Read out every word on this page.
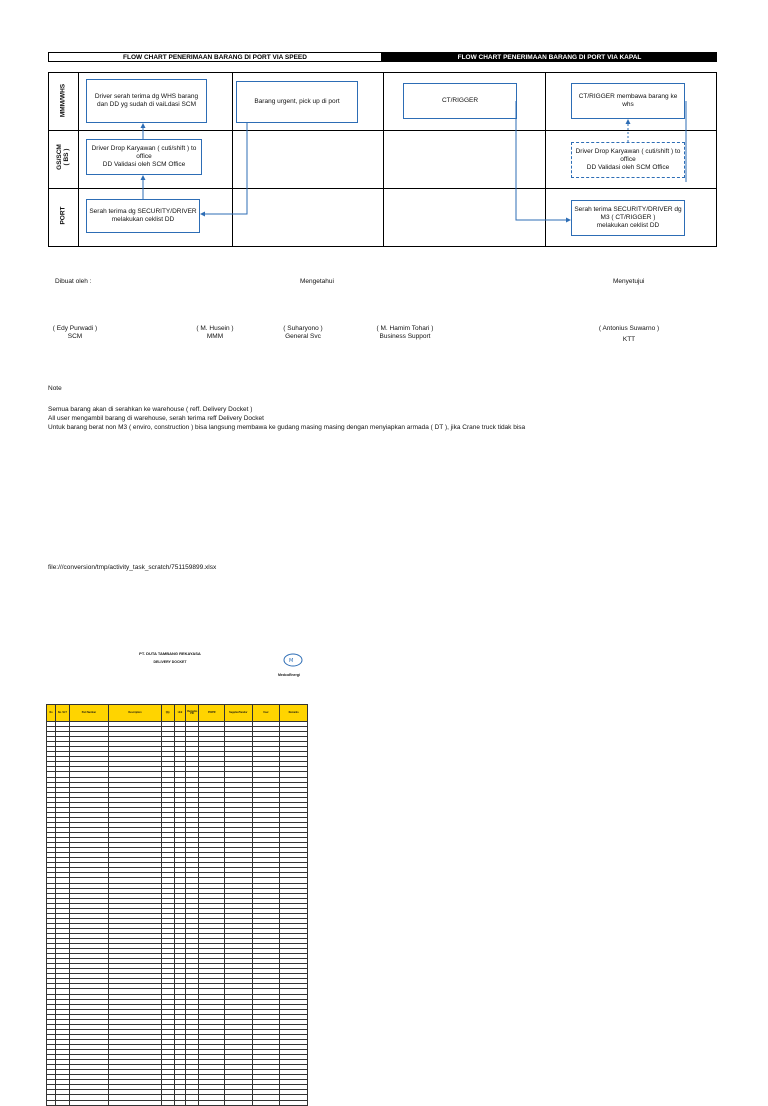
FLOW CHART PENERIMAAN BARANG DI PORT VIA SPEED	FLOW CHART PENERIMAAN BARANG DI PORT VIA KAPAL
MMM/WHS
GS/SCM
( BS )
PORT
Driver serah terima dg WHS barang dan DD yg sudah di vaiLdasi SCM
Driver Drop Karyawan ( cuti/shift ) to office
DD Validasi oleh SCM Office
Serah terima dg SECURITY/DRIVER melakukan ceklist DD
Barang urgent, pick up di port	CT/RIGGER
CT/RIGGER membawa barang ke whs
Driver Drop Karyawan ( cuti/shift ) to office
DD Validasi oleh SCM Office
Serah terima SECURITY/DRIVER dg M3 ( CT/RIGGER )
melakukan ceklist DD
Dibuat oleh :	Mengetahui	Menyetujui
( Edy Purwadi )
SCM
( M. Husein )
MMM
( Suharyono )
General Svc
( M. Hamim Tohari )
Business Support
( Antonius Suwarno )
KTT
Note
Semua barang akan di serahkan ke warehouse ( reff. Delivery Docket )
All user mengambil barang di warehouse, serah terima reff Delivery Docket
Untuk barang berat non M3 ( enviro, construction ) bisa langsung membawa ke gudang masing masing dengan menyiapkan armada ( DT ), jika Crane truck tidak bisa
file:///conversion/tmp/activity_task_scratch/751159899.xlsx
PT. DUTA TAMBANG REKAYASA
DELIVERY DOCKET	M
MedcoEnergi
No	No. SLT	Part Number	Description	Qty	Unit	Remarks PIC	PO/PR	Supplier/Vendor	User	Remarks
